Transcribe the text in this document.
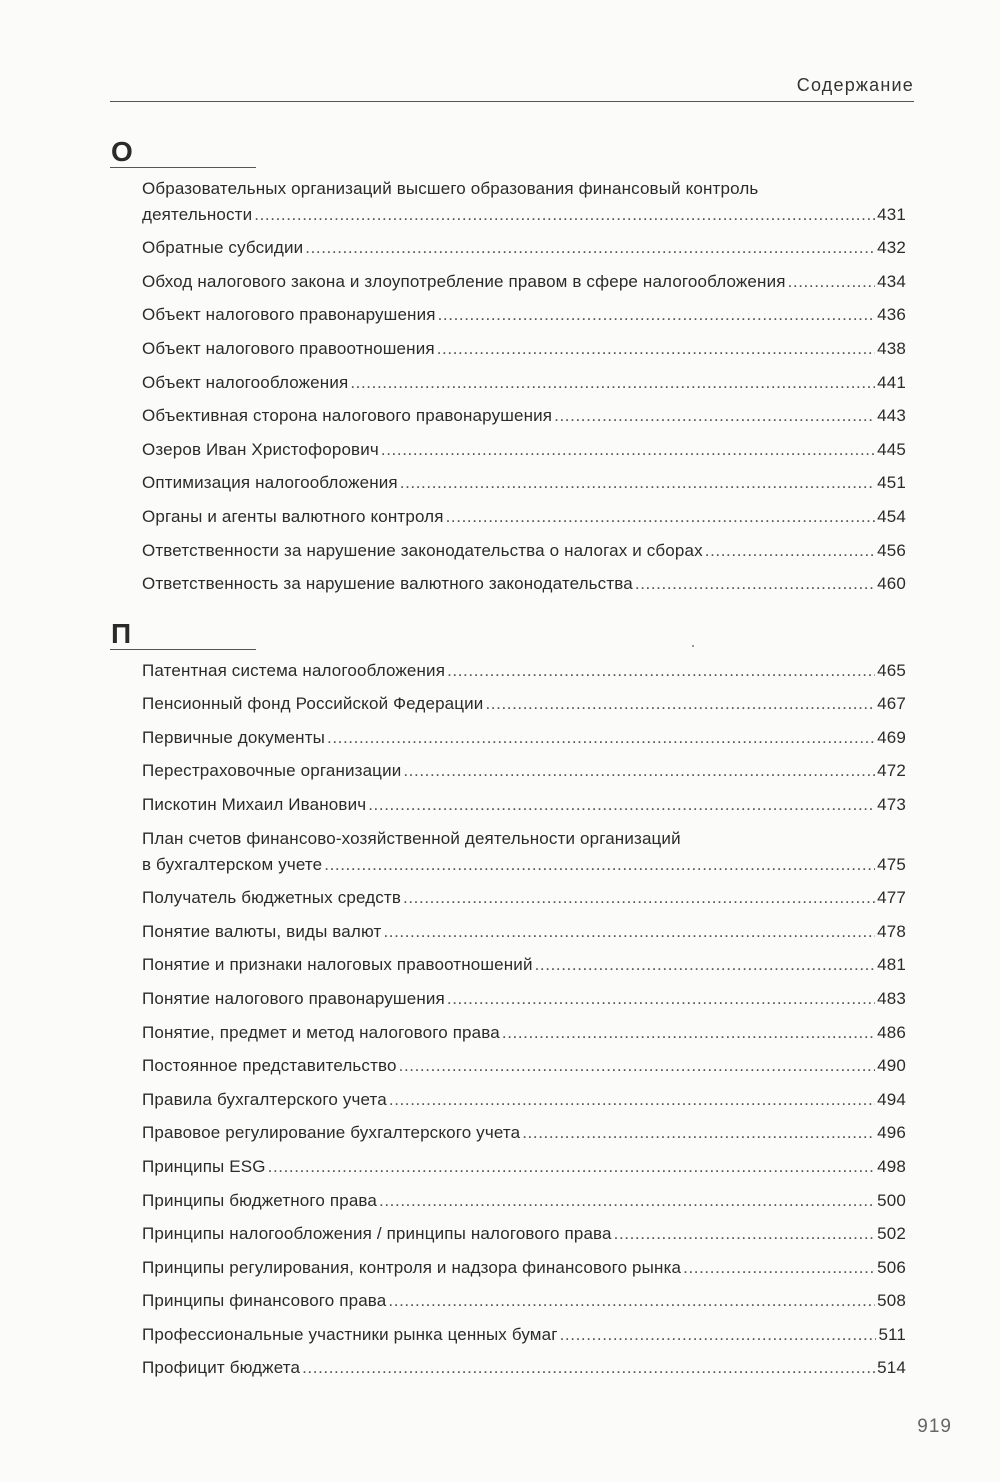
Содержание
О
Образовательных организаций высшего образования финансовый контроль
деятельности .....	431
Обратные субсидии .....	432
Обход налогового закона и злоупотребление правом в сфере налогообложения .....	434
Объект налогового правонарушения .....	436
Объект налогового правоотношения .....	438
Объект налогообложения .....	441
Объективная сторона налогового правонарушения .....	443
Озеров Иван Христофорович .....	445
Оптимизация налогообложения .....	451
Органы и агенты валютного контроля .....	454
Ответственности за нарушение законодательства о налогах и сборах .....	456
Ответственность за нарушение валютного законодательства .....	460
П
Патентная система налогообложения .....	465
Пенсионный фонд Российской Федерации .....	467
Первичные документы .....	469
Перестраховочные организации .....	472
Пискотин Михаил Иванович .....	473
План счетов финансово-хозяйственной деятельности организаций
в бухгалтерском учете .....	475
Получатель бюджетных средств .....	477
Понятие валюты, виды валют .....	478
Понятие и признаки налоговых правоотношений .....	481
Понятие налогового правонарушения .....	483
Понятие, предмет и метод налогового права .....	486
Постоянное представительство .....	490
Правила бухгалтерского учета .....	494
Правовое регулирование бухгалтерского учета .....	496
Принципы ESG .....	498
Принципы бюджетного права .....	500
Принципы налогообложения / принципы налогового права .....	502
Принципы регулирования, контроля и надзора финансового рынка .....	506
Принципы финансового права .....	508
Профессиональные участники рынка ценных бумаг .....	511
Профицит бюджета .....	514
919
